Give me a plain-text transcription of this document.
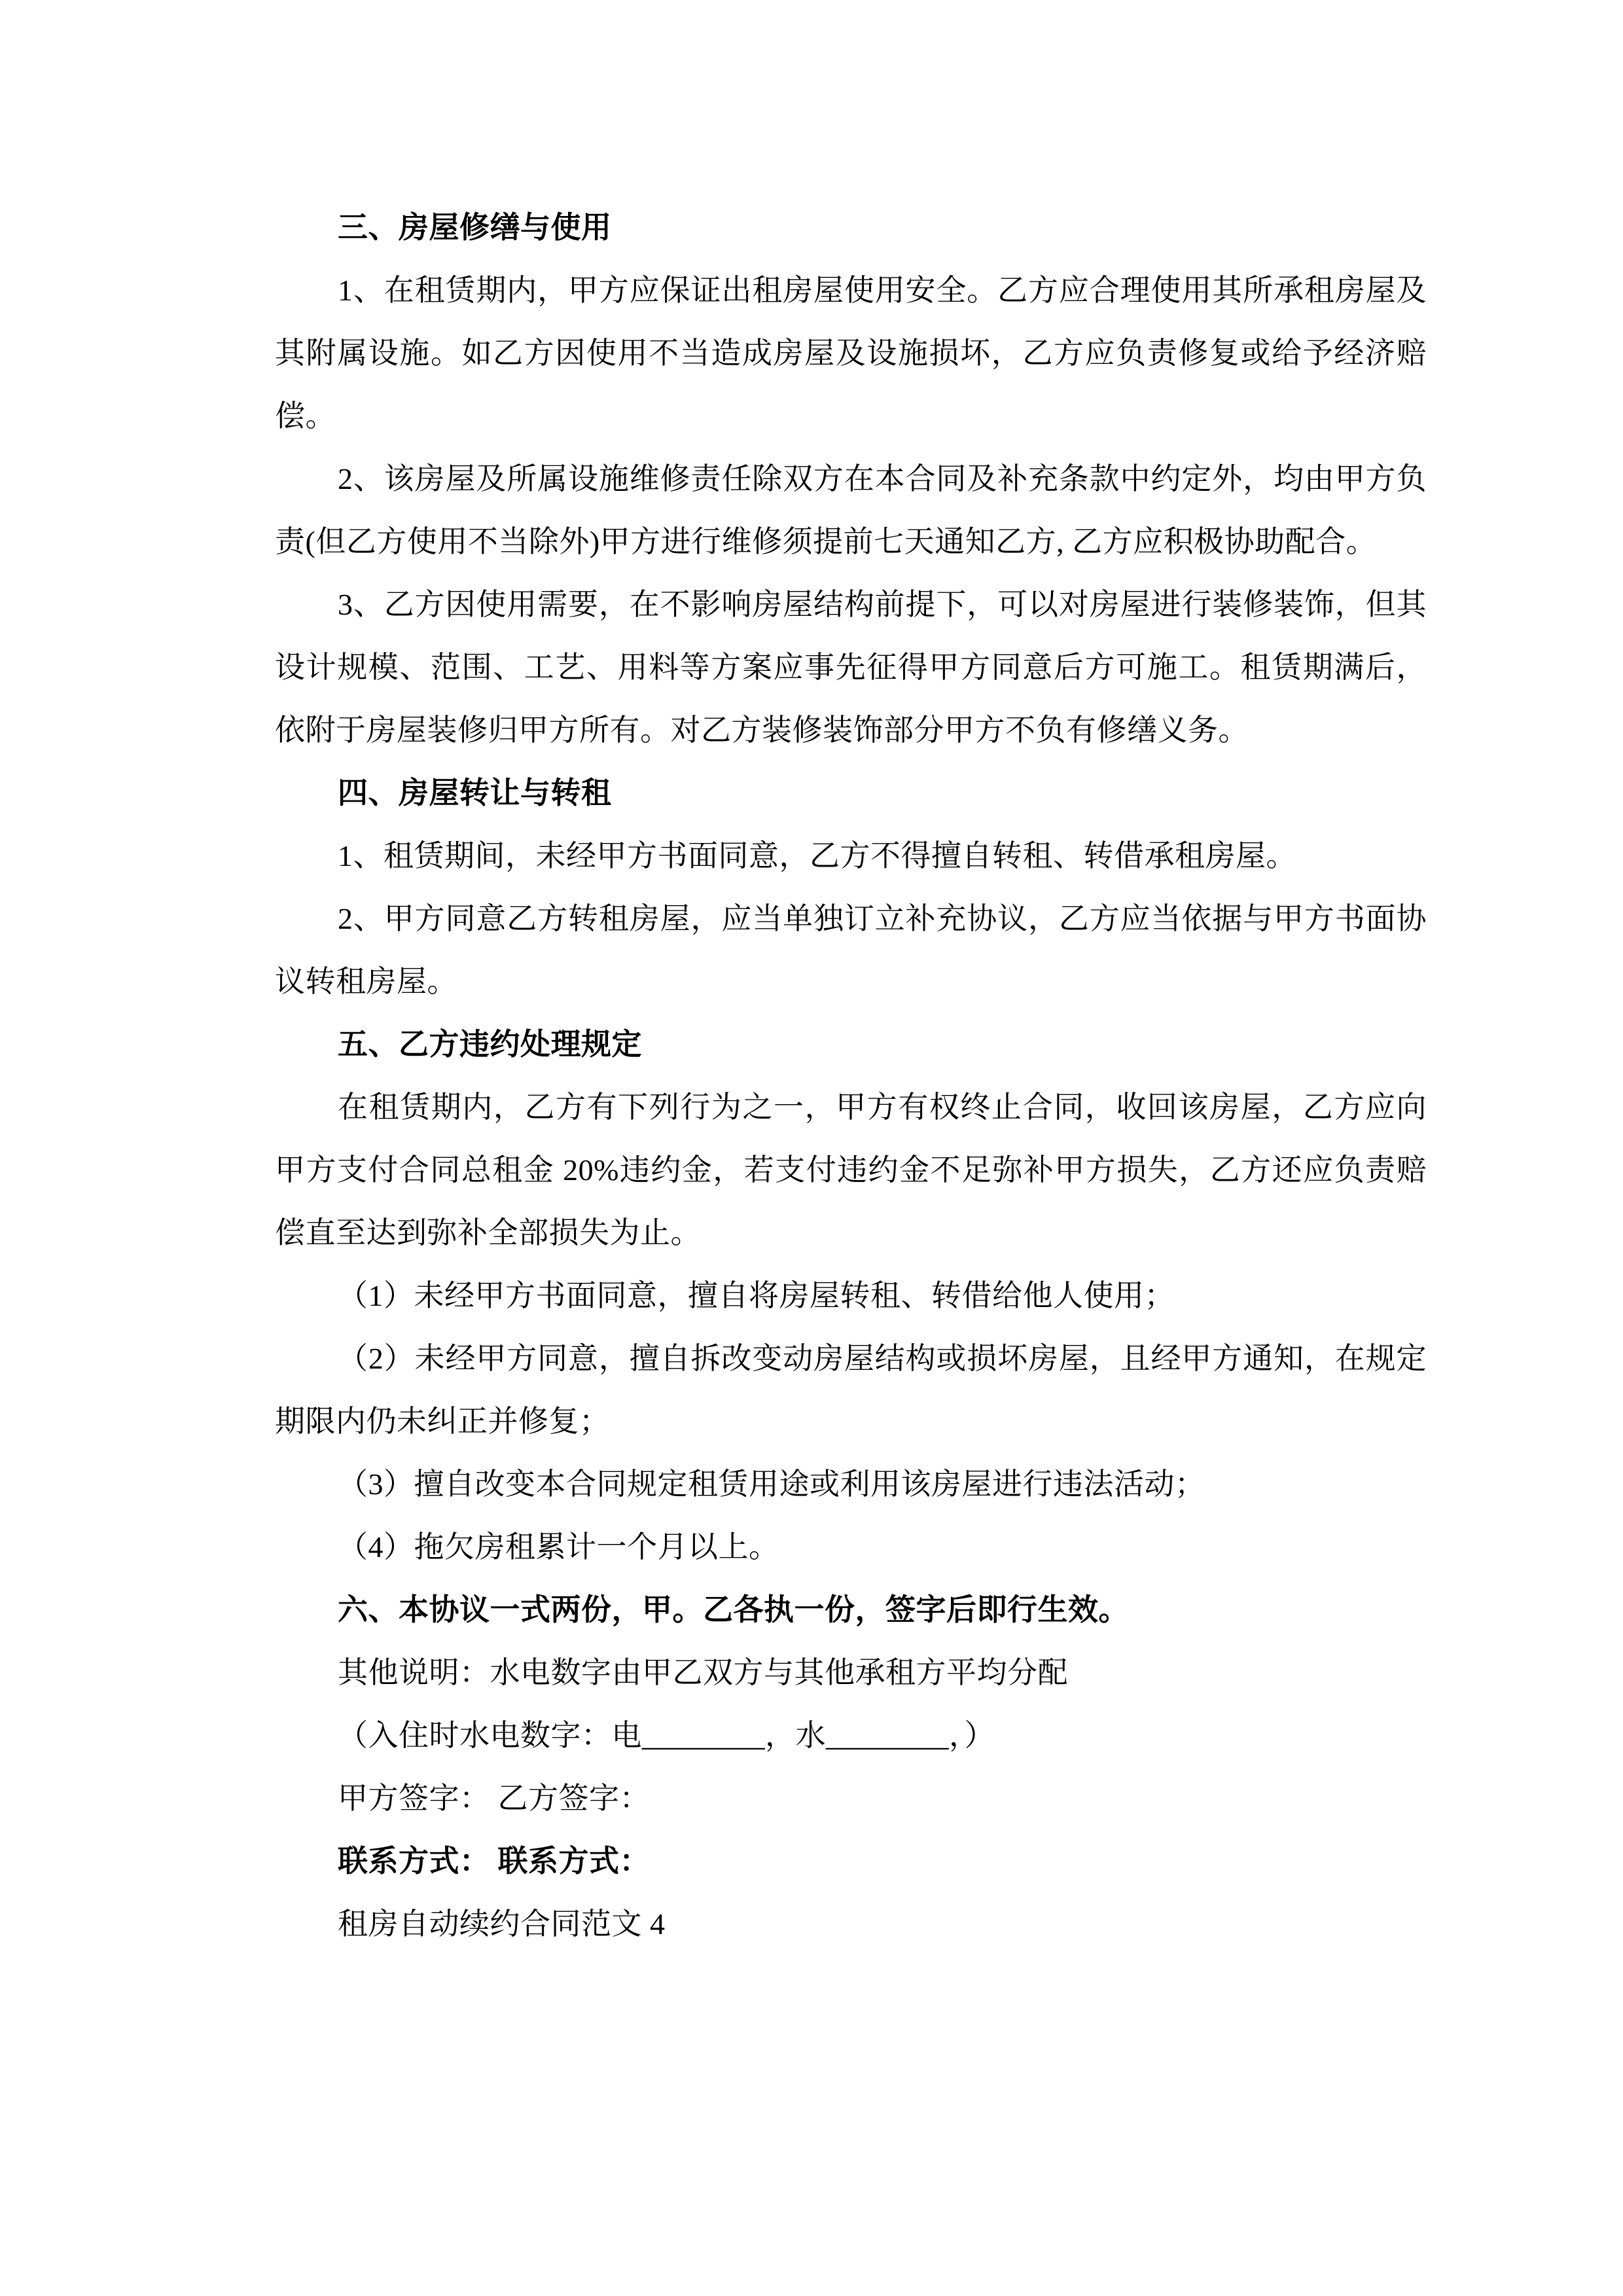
三、房屋修缮与使用

1、在租赁期内，甲方应保证出租房屋使用安全。乙方应合理使用其所承租房屋及其附属设施。如乙方因使用不当造成房屋及设施损坏，乙方应负责修复或给予经济赔偿。

2、该房屋及所属设施维修责任除双方在本合同及补充条款中约定外，均由甲方负责(但乙方使用不当除外)甲方进行维修须提前七天通知乙方, 乙方应积极协助配合。

3、乙方因使用需要，在不影响房屋结构前提下，可以对房屋进行装修装饰，但其设计规模、范围、工艺、用料等方案应事先征得甲方同意后方可施工。租赁期满后，依附于房屋装修归甲方所有。对乙方装修装饰部分甲方不负有修缮义务。

四、房屋转让与转租

1、租赁期间，未经甲方书面同意，乙方不得擅自转租、转借承租房屋。

2、甲方同意乙方转租房屋，应当单独订立补充协议，乙方应当依据与甲方书面协议转租房屋。

五、乙方违约处理规定

在租赁期内，乙方有下列行为之一，甲方有权终止合同，收回该房屋，乙方应向甲方支付合同总租金 20%违约金，若支付违约金不足弥补甲方损失，乙方还应负责赔偿直至达到弥补全部损失为止。

（1）未经甲方书面同意，擅自将房屋转租、转借给他人使用；

（2）未经甲方同意，擅自拆改变动房屋结构或损坏房屋，且经甲方通知，在规定期限内仍未纠正并修复；

（3）擅自改变本合同规定租赁用途或利用该房屋进行违法活动；

（4）拖欠房租累计一个月以上。

六、本协议一式两份，甲。乙各执一份，签字后即行生效。

其他说明：水电数字由甲乙双方与其他承租方平均分配

（入住时水电数字：电________，水________，）

甲方签字： 乙方签字：

联系方式： 联系方式：

租房自动续约合同范文 4
